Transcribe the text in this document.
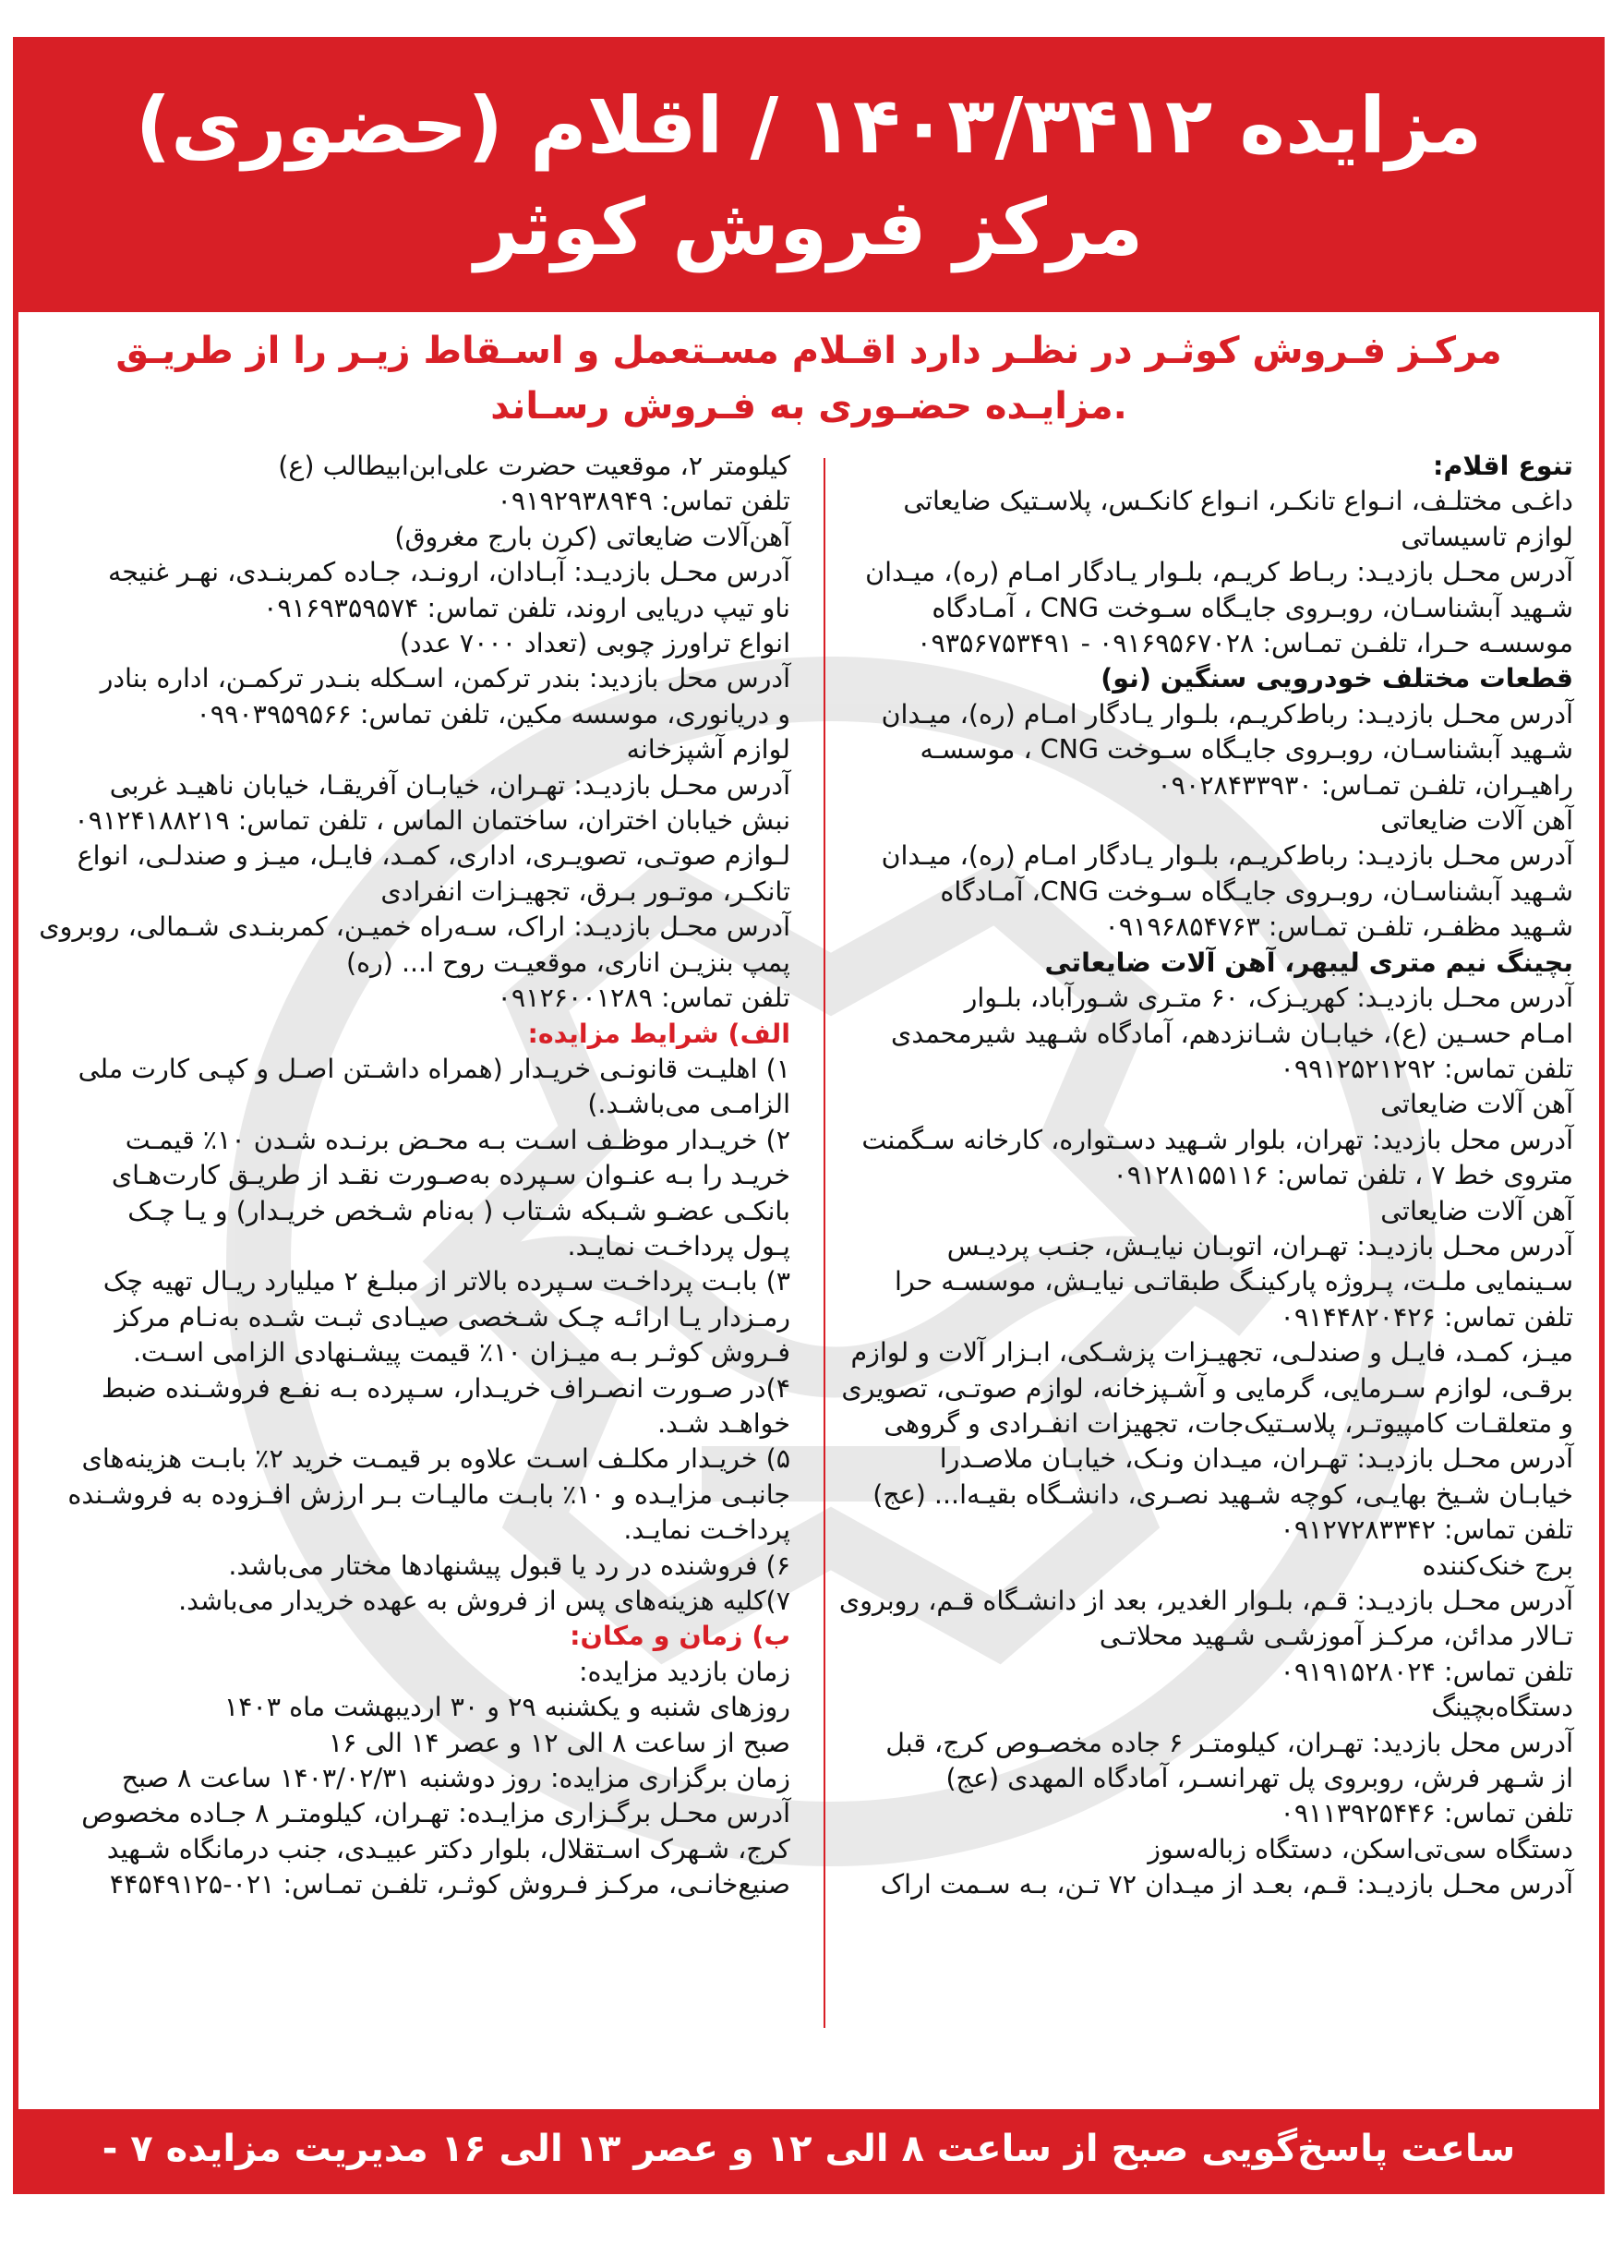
مزایده ۱۴۰۳/۳۴۱۲ / اقلام (حضوری)
مرکز فروش کوثر
مرکـز فـروش کوثـر در نظـر دارد اقـلام مسـتعمل و اسـقاط زیـر را از طریـق
مزایـده حضـوری به فـروش رسـاند.
تنوع اقلام:
داغـی مختلـف، انـواع تانکـر، انـواع کانکـس، پلاسـتیک ضایعاتی
لوازم تاسیساتی
آدرس محـل بازدیـد: ربـاط کریـم، بلـوار یـادگار امـام (ره)، میـدان
شـهید آبشناسـان، روبـروی جایـگاه سـوخت CNG ، آمـادگاه
موسسـه حـرا، تلفـن تمـاس: ۰۹۱۶۹۵۶۷۰۲۸ - ۰۹۳۵۶۷۵۳۴۹۱
قطعات مختلف خودرویی سنگین (نو)
آدرس محـل بازدیـد: رباط‌کریـم، بلـوار یـادگار امـام (ره)، میـدان
شـهید آبشناسـان، روبـروی جایـگاه سـوخت CNG ، موسسـه
راهیـران، تلفـن تمـاس: ۰۹۰۲۸۴۳۳۹۳۰
آهن آلات ضایعاتی
آدرس محـل بازدیـد: رباط‌کریـم، بلـوار یـادگار امـام (ره)، میـدان
شـهید آبشناسـان، روبـروی جایـگاه سـوخت CNG، آمـادگاه
شـهید مظفـر، تلفـن تمـاس: ۰۹۱۹۶۸۵۴۷۶۳
بچینگ نیم متری لیبهر، آهن آلات ضایعاتی
آدرس محـل بازدیـد: کهریـزک، ۶۰ متـری شـورآباد، بلـوار
امـام حسـین (ع)، خیابـان شـانزدهم، آمادگاه شـهید شیرمحمدی
تلفن تماس: ۰۹۹۱۲۵۲۱۲۹۲
آهن آلات ضایعاتی
آدرس محل بازدید: تهران، بلوار شـهید دسـتواره، کارخانه سـگمنت
متروی خط ۷ ، تلفن تماس: ۰۹۱۲۸۱۵۵۱۱۶
آهن آلات ضایعاتی
آدرس محـل بازدیـد: تهـران، اتوبـان نیایـش، جنـب پردیـس
سـینمایی ملـت، پـروژه پارکینـگ طبقاتـی نیایـش، موسسـه حرا
تلفن تماس: ۰۹۱۴۴۸۲۰۴۲۶
میـز، کمـد، فایـل و صندلـی، تجهیـزات پزشـکی، ابـزار آلات و لوازم
برقـی، لوازم سـرمایی، گرمایی و آشـپزخانه، لوازم صوتـی، تصویری
و متعلقـات کامپیوتـر، پلاسـتیک‌جات، تجهیزات انفـرادی و گروهی
آدرس محـل بازدیـد: تهـران، میـدان ونـک، خیابـان ملاصـدرا
خیابـان شـیخ بهایـی، کوچه شـهید نصـری، دانشـگاه بقیـه‌ا... (عج)
تلفن تماس: ۰۹۱۲۷۲۸۳۳۴۲
برج خنک‌کننده
آدرس محـل بازدیـد: قـم، بلـوار الغدیر، بعد از دانشـگاه قـم، روبروی
تـالار مدائن، مرکـز آموزشـی شـهید محلاتـی
تلفن تماس: ۰۹۱۹۱۵۲۸۰۲۴
دستگاه‌بچینگ
آدرس محل بازدید: تهـران، کیلومتـر ۶ جاده مخصـوص کرج، قبل
از شـهر فرش، روبروی پل تهرانسـر، آمادگاه المهدی (عج)
تلفن تماس: ۰۹۱۱۳۹۲۵۴۴۶
دستگاه سی‌تی‌اسکن، دستگاه زباله‌سوز
آدرس محـل بازدیـد: قـم، بعـد از میـدان ۷۲ تـن، بـه سـمت اراک
کیلومتر ۲، موقعیت حضرت علی‌ابن‌ابیطالب (ع)
تلفن تماس: ۰۹۱۹۲۹۳۸۹۴۹
آهن‌آلات ضایعاتی (کرن بارج مغروق)
آدرس محـل بازدیـد: آبـادان، ارونـد، جـاده کمربنـدی، نهـر غنیجه
ناو تیپ دریایی اروند، تلفن تماس: ۰۹۱۶۹۳۵۹۵۷۴
انواع تراورز چوبی (تعداد ۷۰۰۰ عدد)
آدرس محل بازدید: بندر ترکمن، اسـکله بنـدر ترکمـن، اداره بنادر
و دریانوری، موسسه مکین، تلفن تماس: ۰۹۹۰۳۹۵۹۵۶۶
لوازم آشپزخانه
آدرس محـل بازدیـد: تهـران، خیابـان آفریقـا، خیابان ناهیـد غربی
نبش خیابان اختران، ساختمان الماس ، تلفن تماس: ۰۹۱۲۴۱۸۸۲۱۹
لـوازم صوتـی، تصویـری، اداری، کمـد، فایـل، میـز و صندلـی، انواع
تانکـر، موتـور بـرق، تجهیـزات انفرادی
آدرس محـل بازدیـد: اراک، سـه‌راه خمیـن، کمربنـدی شـمالی، روبروی
پمپ بنزیـن اناری، موقعیـت روح ا... (ره)
تلفن تماس: ۰۹۱۲۶۰۰۱۲۸۹
الف) شرایط مزایده:
۱) اهلیـت قانونـی خریـدار (همراه داشـتن اصـل و کپـی کارت ملی
الزامـی می‌باشـد.)
۲) خریـدار موظـف اسـت بـه محـض برنـده شـدن ۱۰٪ قیمـت
خریـد را بـه عنـوان سـپرده به‌صـورت نقـد از طریـق کارت‌هـای
بانکـی عضـو شـبکه شـتاب ( به‌نام شـخص خریـدار) و یـا چـک
پـول پرداخـت نمایـد.
۳) بابـت پرداخـت سـپرده بالاتر از مبلـغ ۲ میلیارد ریـال تهیه چک
رمـزدار یـا ارائـه چـک شـخصی صیـادی ثبـت شـده به‌نـام مرکز
فـروش کوثـر بـه میـزان ۱۰٪ قیمت پیشـنهادی الزامی اسـت.
۴)در صـورت انصـراف خریـدار، سـپرده بـه نفـع فروشـنده ضبط
خواهـد شـد.
۵) خریـدار مکلـف اسـت علاوه بر قیمـت خرید ۲٪ بابـت هزینه‌های
جانبـی مزایـده و ۱۰٪ بابـت مالیـات بـر ارزش افـزوده به فروشـنده
پرداخـت نمایـد.
۶) فروشنده در رد یا قبول پیشنهادها مختار می‌باشد.
۷)کلیه هزینه‌های پس از فروش به عهده خریدار می‌باشد.
ب) زمان و مکان:
زمان بازدید مزایده:
روزهای شنبه و یکشنبه ۲۹ و ۳۰ اردیبهشت ماه ۱۴۰۳
صبح از ساعت ۸ الی ۱۲ و عصر ۱۴ الی ۱۶
زمان برگزاری مزایده: روز دوشنبه ۱۴۰۳/۰۲/۳۱ ساعت ۸ صبح
آدرس محـل برگـزاری مزایـده: تهـران، کیلومتـر ۸ جـاده مخصوص
کرج، شـهرک اسـتقلال، بلوار دکتر عبیـدی، جنب درمانگاه شـهید
صنیع‌خانـی، مرکـز فـروش کوثـر، تلفـن تمـاس: ۰۲۱-۴۴۵۴۹۱۲۵
ساعت پاسخ‌گویی صبح از ساعت ۸ الی ۱۲ و عصر ۱۳ الی ۱۶ مدیریت مزایده ۷ - ۰۲۱-۴۴۵۴۹۱۱۶
